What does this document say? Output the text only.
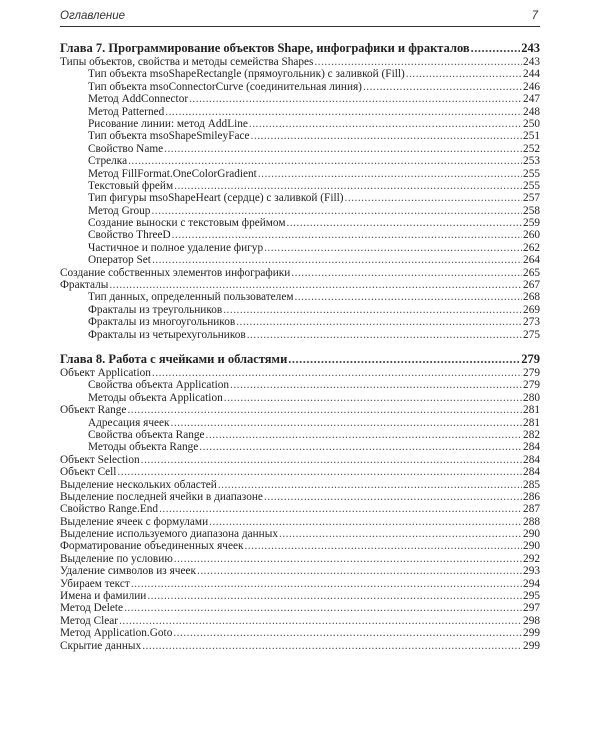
Оглавление	7
Глава 7. Программирование объектов Shape, инфографики и фракталов .....	243
Типы объектов, свойства и методы семейства Shapes .....	243
Тип объекта msoShapeRectangle (прямоугольник) с заливкой (Fill) .....	244
Тип объекта msoConnectorCurve (соединительная линия) .....	246
Метод AddConnector .....	247
Метод Patterned .....	248
Рисование линии: метод AddLine .....	250
Тип объекта msoShapeSmileyFace .....	251
Свойство Name .....	252
Стрелка .....	253
Метод FillFormat.OneColorGradient .....	255
Текстовый фрейм .....	255
Тип фигуры msoShapeHeart (сердце) с заливкой (Fill) .....	257
Метод Group .....	258
Создание выноски с текстовым фреймом .....	259
Свойство ThreeD .....	260
Частичное и полное удаление фигур .....	262
Оператор Set .....	264
Создание собственных элементов инфографики .....	265
Фракталы .....	267
Тип данных, определенный пользователем .....	268
Фракталы из треугольников .....	269
Фракталы из многоугольников .....	273
Фракталы из четырехугольников .....	275
Глава 8. Работа с ячейками и областями .....	279
Объект Application .....	279
Свойства объекта Application .....	279
Методы объекта Application .....	280
Объект Range .....	281
Адресация ячеек .....	281
Свойства объекта Range .....	282
Методы объекта Range .....	284
Объект Selection .....	284
Объект Cell .....	284
Выделение нескольких областей .....	285
Выделение последней ячейки в диапазоне .....	286
Свойство Range.End .....	287
Выделение ячеек с формулами .....	288
Выделение используемого диапазона данных .....	290
Форматирование объединенных ячеек .....	290
Выделение по условию .....	292
Удаление символов из ячеек .....	293
Убираем текст .....	294
Имена и фамилии .....	295
Метод Delete .....	297
Метод Clear .....	298
Метод Application.Goto .....	299
Скрытие данных .....	299
